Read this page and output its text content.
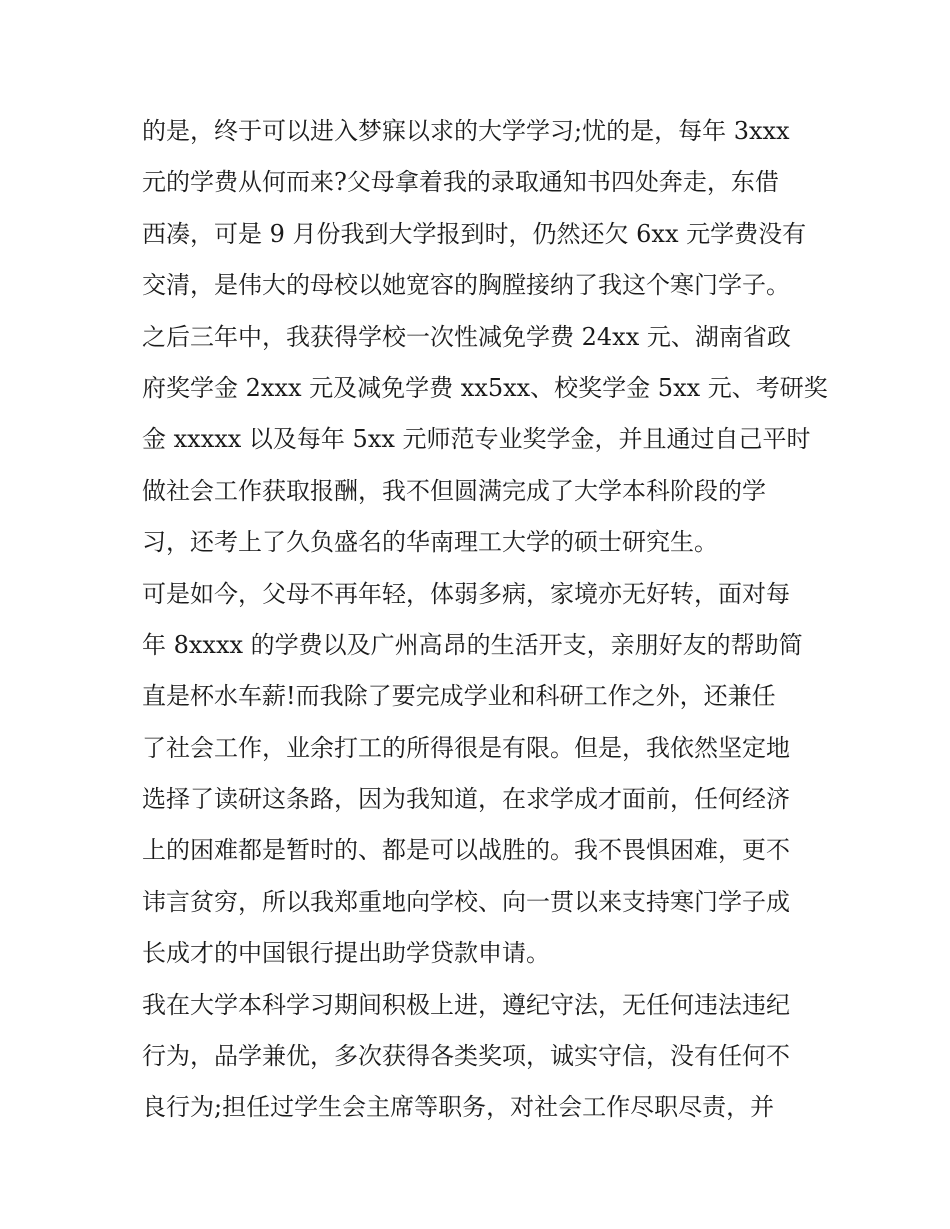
的是，终于可以进入梦寐以求的大学学习;忧的是，每年 3xxx
元的学费从何而来?父母拿着我的录取通知书四处奔走，东借
西凑，可是 9 月份我到大学报到时，仍然还欠 6xx 元学费没有
交清，是伟大的母校以她宽容的胸膛接纳了我这个寒门学子。
之后三年中，我获得学校一次性减免学费 24xx 元、湖南省政
府奖学金 2xxx 元及减免学费 xx5xx、校奖学金 5xx 元、考研奖
金 xxxxx 以及每年 5xx 元师范专业奖学金，并且通过自己平时
做社会工作获取报酬，我不但圆满完成了大学本科阶段的学
习，还考上了久负盛名的华南理工大学的硕士研究生。
可是如今，父母不再年轻，体弱多病，家境亦无好转，面对每
年 8xxxx 的学费以及广州高昂的生活开支，亲朋好友的帮助简
直是杯水车薪!而我除了要完成学业和科研工作之外，还兼任
了社会工作，业余打工的所得很是有限。但是，我依然坚定地
选择了读研这条路，因为我知道，在求学成才面前，任何经济
上的困难都是暂时的、都是可以战胜的。我不畏惧困难，更不
讳言贫穷，所以我郑重地向学校、向一贯以来支持寒门学子成
长成才的中国银行提出助学贷款申请。
我在大学本科学习期间积极上进，遵纪守法，无任何违法违纪
行为，品学兼优，多次获得各类奖项，诚实守信，没有任何不
良行为;担任过学生会主席等职务，对社会工作尽职尽责，并
